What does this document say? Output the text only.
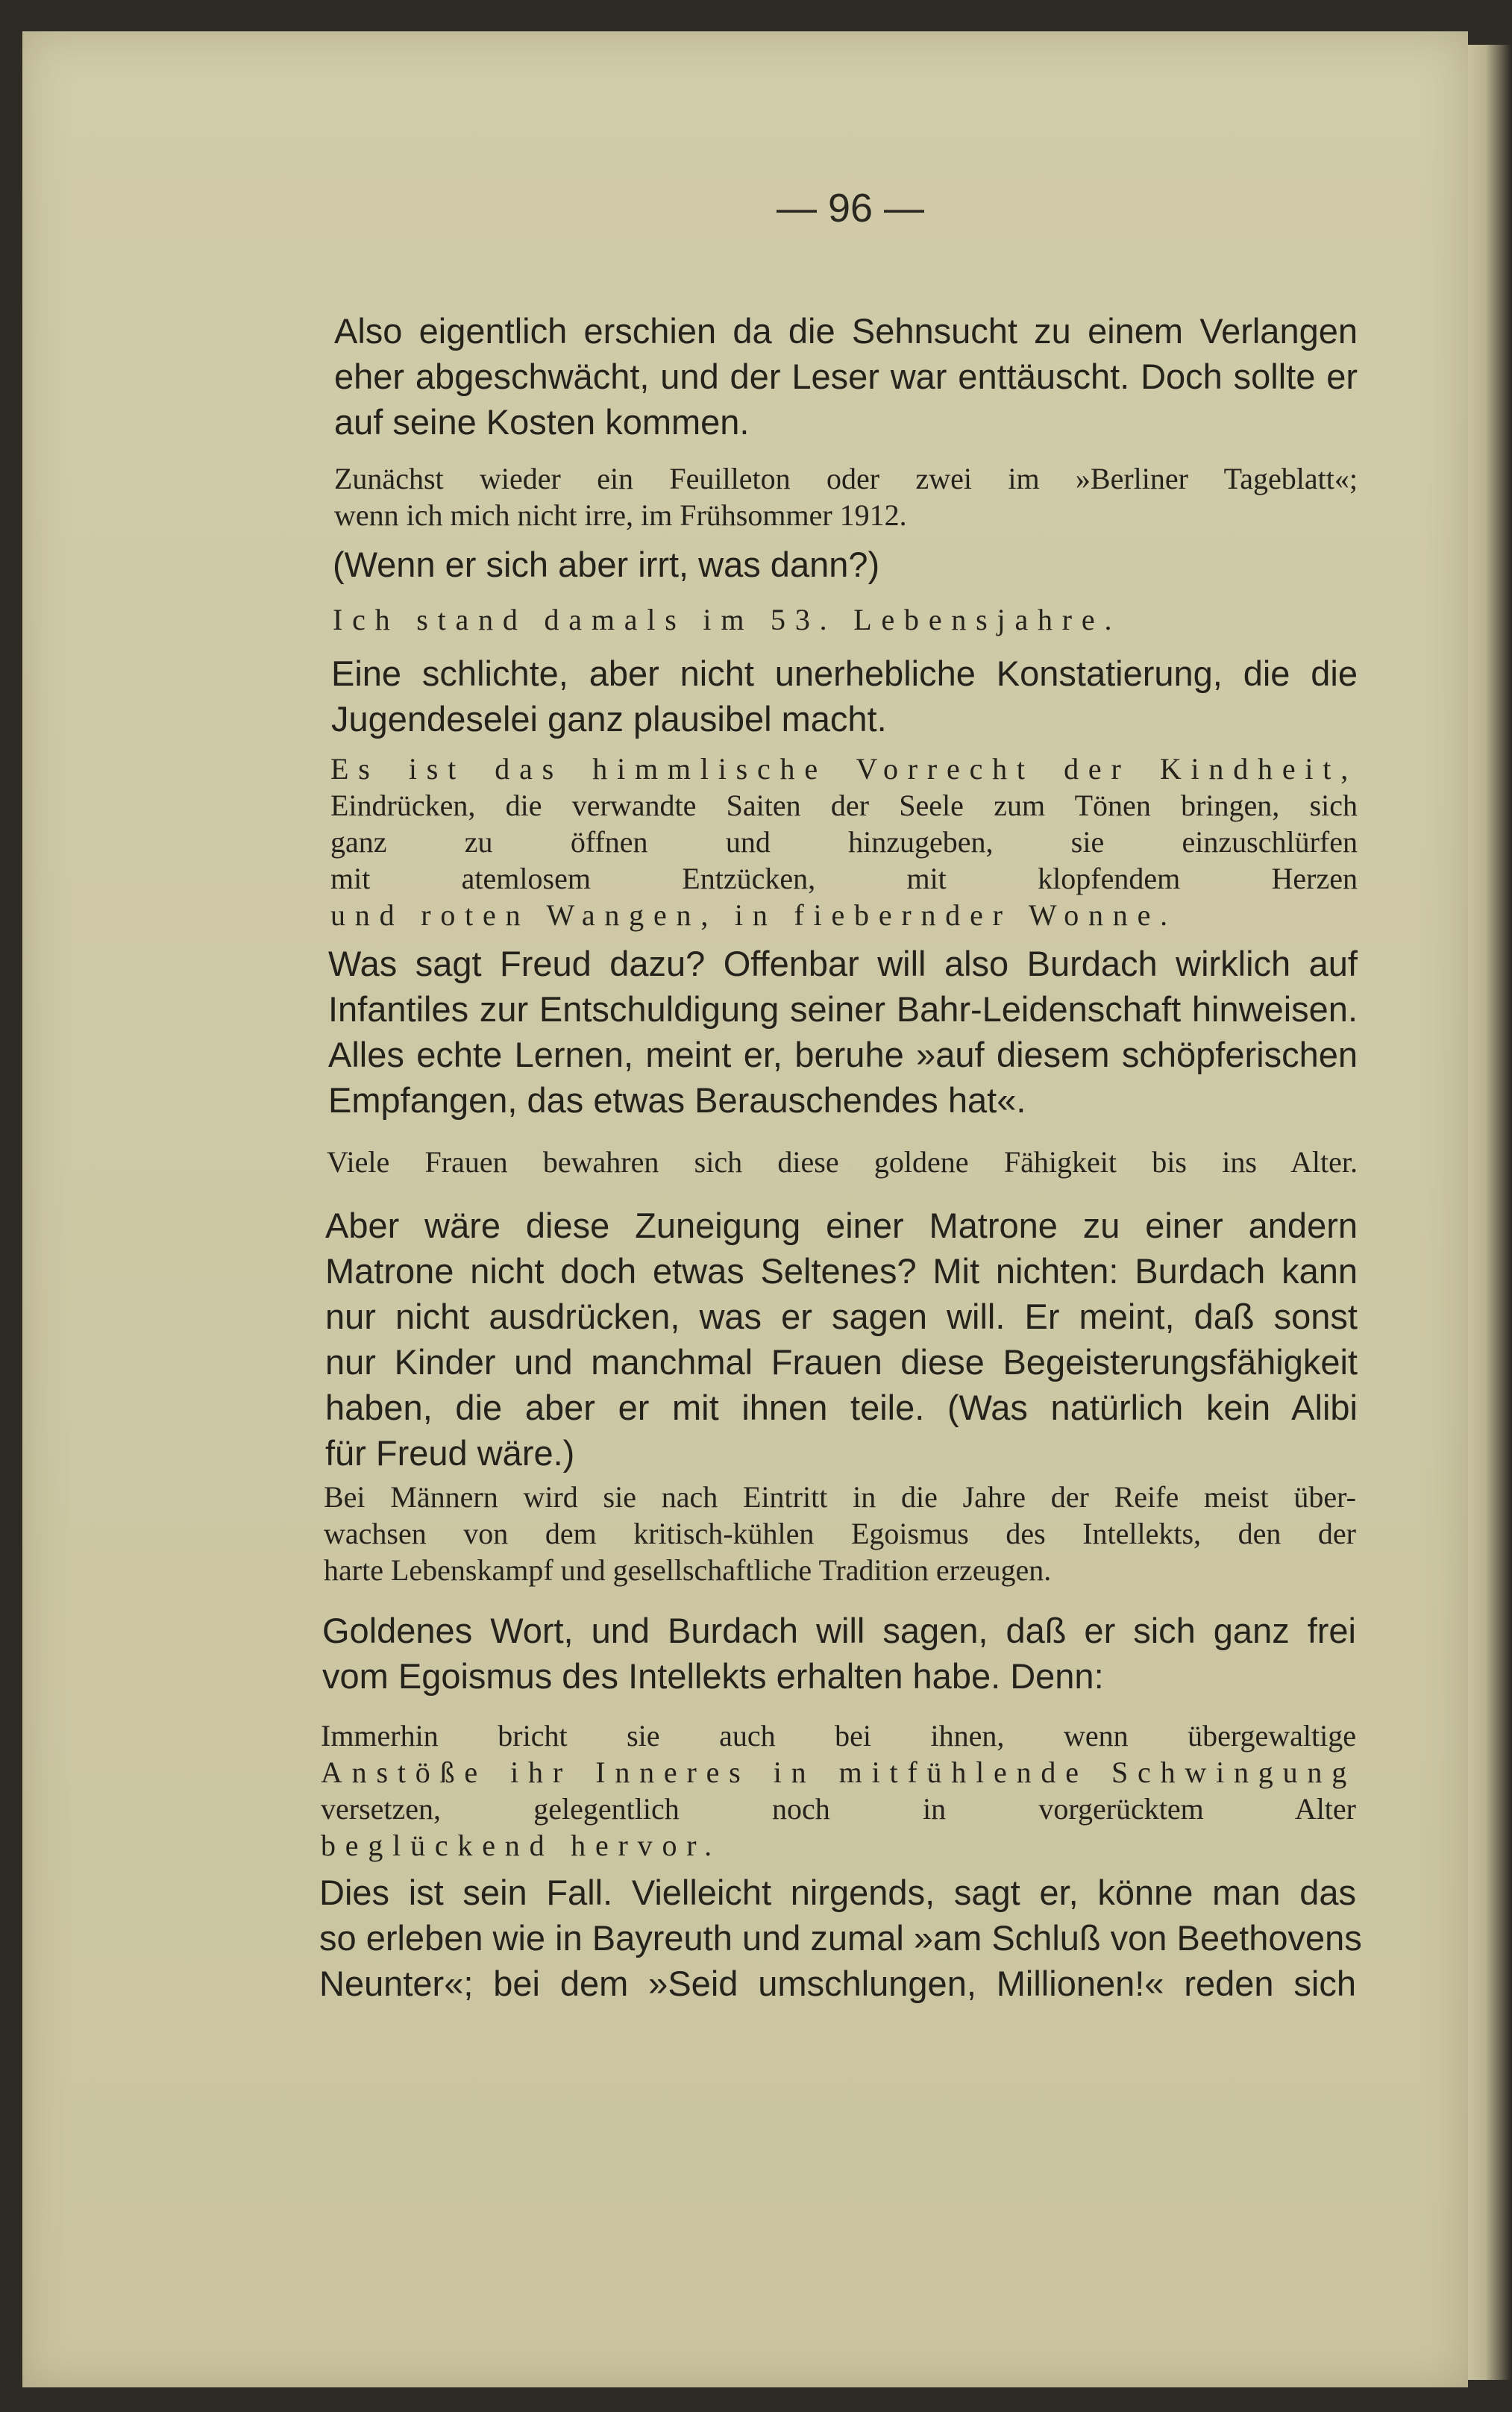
— 96 —
Also eigentlich erschien da die Sehnsucht zu einem Verlangen
eher abgeschwächt, und der Leser war enttäuscht. Doch sollte er
auf seine Kosten kommen.
Zunächst wieder ein Feuilleton oder zwei im »Berliner Tageblatt«;
wenn ich mich nicht irre, im Frühsommer 1912.
(Wenn er sich aber irrt, was dann?)
Ich stand damals im 53. Lebensjahre.
Eine schlichte, aber nicht unerhebliche Konstatierung, die die
Jugendeselei ganz plausibel macht.
Es ist das himmlische Vorrecht der Kindheit,
Eindrücken, die verwandte Saiten der Seele zum Tönen bringen, sich
ganz zu öffnen und hinzugeben, sie einzuschlürfen
mit atemlosem Entzücken, mit klopfendem Herzen
und roten Wangen, in fiebernder Wonne.
Was sagt Freud dazu? Offenbar will also Burdach wirklich auf
Infantiles zur Entschuldigung seiner Bahr-Leidenschaft hinweisen.
Alles echte Lernen, meint er, beruhe »auf diesem schöpferischen
Empfangen, das etwas Berauschendes hat«.
Viele Frauen bewahren sich diese goldene Fähigkeit bis ins Alter.
Aber wäre diese Zuneigung einer Matrone zu einer andern
Matrone nicht doch etwas Seltenes? Mit nichten: Burdach kann
nur nicht ausdrücken, was er sagen will. Er meint, daß sonst
nur Kinder und manchmal Frauen diese Begeisterungsfähigkeit
haben, die aber er mit ihnen teile. (Was natürlich kein Alibi
für Freud wäre.)
Bei Männern wird sie nach Eintritt in die Jahre der Reife meist über-
wachsen von dem kritisch-kühlen Egoismus des Intellekts, den der
harte Lebenskampf und gesellschaftliche Tradition erzeugen.
Goldenes Wort, und Burdach will sagen, daß er sich ganz frei
vom Egoismus des Intellekts erhalten habe. Denn:
Immerhin bricht sie auch bei ihnen, wenn übergewaltige
Anstöße ihr Inneres in mitfühlende Schwingung
versetzen, gelegentlich noch in vorgerücktem Alter
beglückend hervor.
Dies ist sein Fall. Vielleicht nirgends, sagt er, könne man das
so erleben wie in Bayreuth und zumal »am Schluß von Beethovens
Neunter«; bei dem »Seid umschlungen, Millionen!« reden sich
